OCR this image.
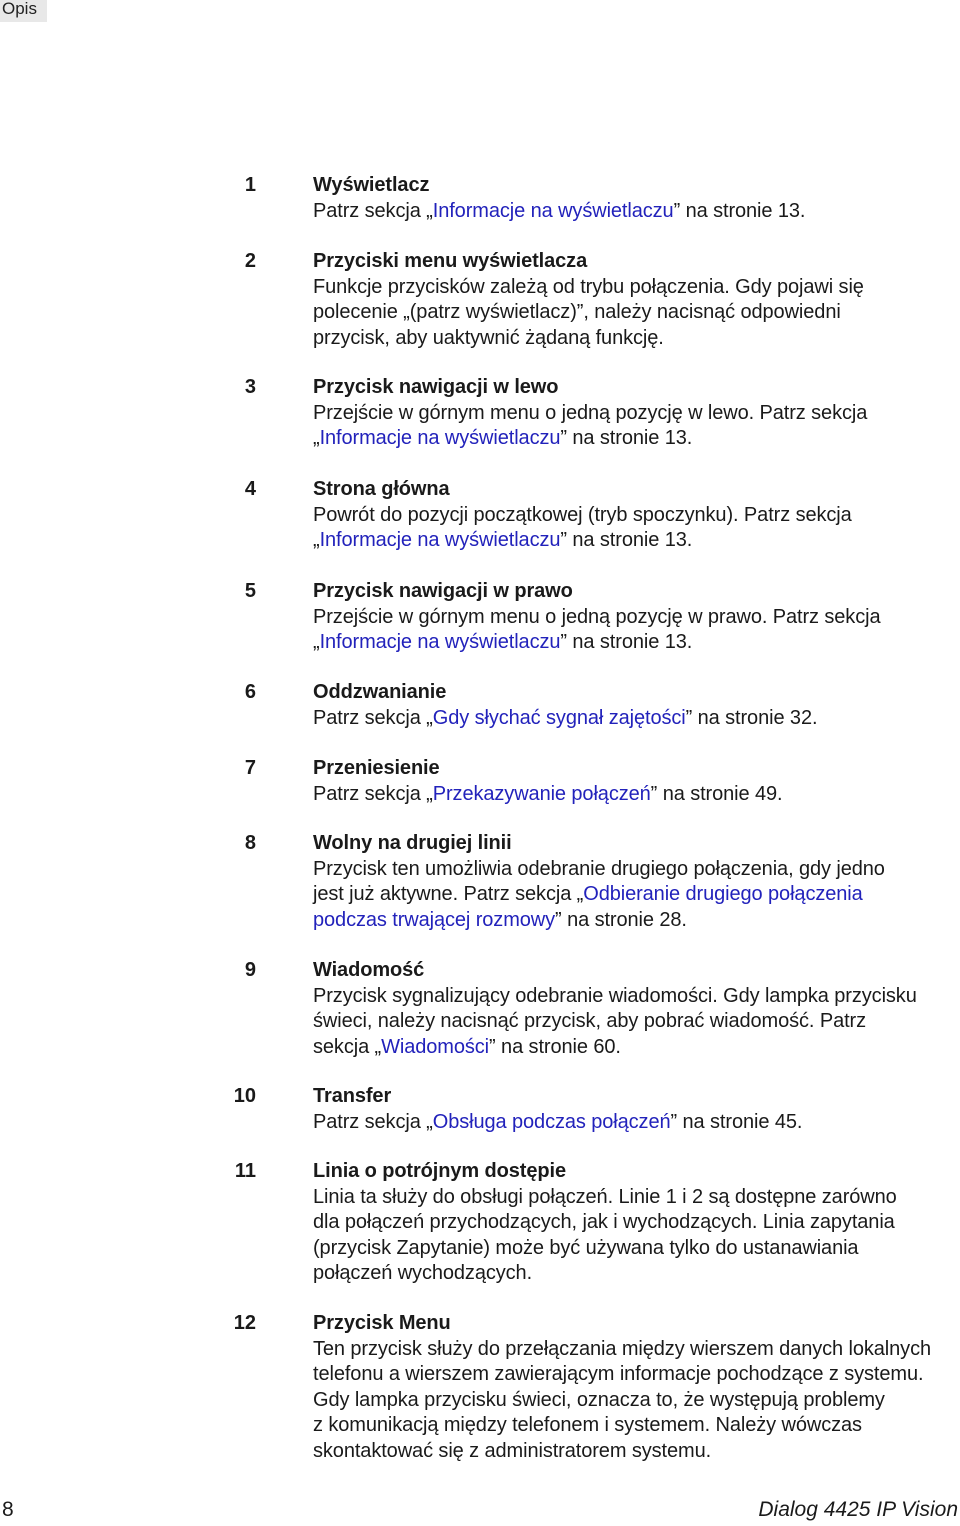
Opis
1	Wyświetlacz
Patrz sekcja „Informacje na wyświetlaczu” na stronie 13.
2	Przyciski menu wyświetlacza
Funkcje przycisków zależą od trybu połączenia. Gdy pojawi się
polecenie „(patrz wyświetlacz)”, należy nacisnąć odpowiedni
przycisk, aby uaktywnić żądaną funkcję.
3	Przycisk nawigacji w lewo
Przejście w górnym menu o jedną pozycję w lewo. Patrz sekcja
„Informacje na wyświetlaczu” na stronie 13.
4	Strona główna
Powrót do pozycji początkowej (tryb spoczynku). Patrz sekcja
„Informacje na wyświetlaczu” na stronie 13.
5	Przycisk nawigacji w prawo
Przejście w górnym menu o jedną pozycję w prawo. Patrz sekcja
„Informacje na wyświetlaczu” na stronie 13.
6	Oddzwanianie
Patrz sekcja „Gdy słychać sygnał zajętości” na stronie 32.
7	Przeniesienie
Patrz sekcja „Przekazywanie połączeń” na stronie 49.
8	Wolny na drugiej linii
Przycisk ten umożliwia odebranie drugiego połączenia, gdy jedno
jest już aktywne. Patrz sekcja „Odbieranie drugiego połączenia
podczas trwającej rozmowy” na stronie 28.
9	Wiadomość
Przycisk sygnalizujący odebranie wiadomości. Gdy lampka przycisku
świeci, należy nacisnąć przycisk, aby pobrać wiadomość. Patrz
sekcja „Wiadomości” na stronie 60.
10	Transfer
Patrz sekcja „Obsługa podczas połączeń” na stronie 45.
11	Linia o potrójnym dostępie
Linia ta służy do obsługi połączeń. Linie 1 i 2 są dostępne zarówno
dla połączeń przychodzących, jak i wychodzących. Linia zapytania
(przycisk Zapytanie) może być używana tylko do ustanawiania
połączeń wychodzących.
12	Przycisk Menu
Ten przycisk służy do przełączania między wierszem danych lokalnych
telefonu a wierszem zawierającym informacje pochodzące z systemu.
Gdy lampka przycisku świeci, oznacza to, że występują problemy
z komunikacją między telefonem i systemem. Należy wówczas
skontaktować się z administratorem systemu.
8	Dialog 4425 IP Vision
